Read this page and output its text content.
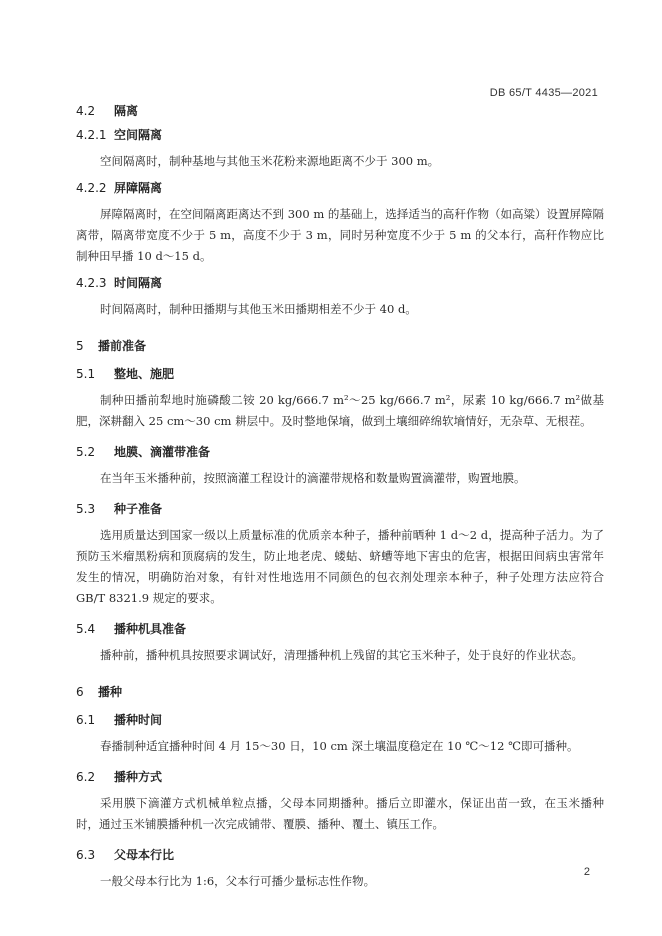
DB 65/T 4435—2021
4.2 隔离
4.2.1 空间隔离
空间隔离时，制种基地与其他玉米花粉来源地距离不少于 300 m。
4.2.2 屏障隔离
屏障隔离时，在空间隔离距离达不到 300 m 的基础上，选择适当的高秆作物（如高粱）设置屏障隔离带，隔离带宽度不少于 5 m，高度不少于 3 m，同时另种宽度不少于 5 m 的父本行，高秆作物应比制种田早播 10 d～15 d。
4.2.3 时间隔离
时间隔离时，制种田播期与其他玉米田播期相差不少于 40 d。
5 播前准备
5.1 整地、施肥
制种田播前犁地时施磷酸二铵 20 kg/666.7 m²～25 kg/666.7 m²，尿素 10 kg/666.7 m²做基肥，深耕翻入 25 cm～30 cm 耕层中。及时整地保墒，做到土壤细碎绵软墒情好，无杂草、无根茬。
5.2 地膜、滴灌带准备
在当年玉米播种前，按照滴灌工程设计的滴灌带规格和数量购置滴灌带，购置地膜。
5.3 种子准备
选用质量达到国家一级以上质量标准的优质亲本种子，播种前晒种 1 d～2 d，提高种子活力。为了预防玉米瘤黑粉病和顶腐病的发生，防止地老虎、蝼蛄、蛴螬等地下害虫的危害，根据田间病虫害常年发生的情况，明确防治对象，有针对性地选用不同颜色的包衣剂处理亲本种子，种子处理方法应符合 GB/T 8321.9 规定的要求。
5.4 播种机具准备
播种前，播种机具按照要求调试好，清理播种机上残留的其它玉米种子，处于良好的作业状态。
6 播种
6.1 播种时间
春播制种适宜播种时间 4 月 15～30 日，10 cm 深土壤温度稳定在 10 ℃～12 ℃即可播种。
6.2 播种方式
采用膜下滴灌方式机械单粒点播，父母本同期播种。播后立即灌水，保证出苗一致，在玉米播种时，通过玉米铺膜播种机一次完成铺带、覆膜、播种、覆土、镇压工作。
6.3 父母本行比
一般父母本行比为 1:6，父本行可播少量标志性作物。
2
